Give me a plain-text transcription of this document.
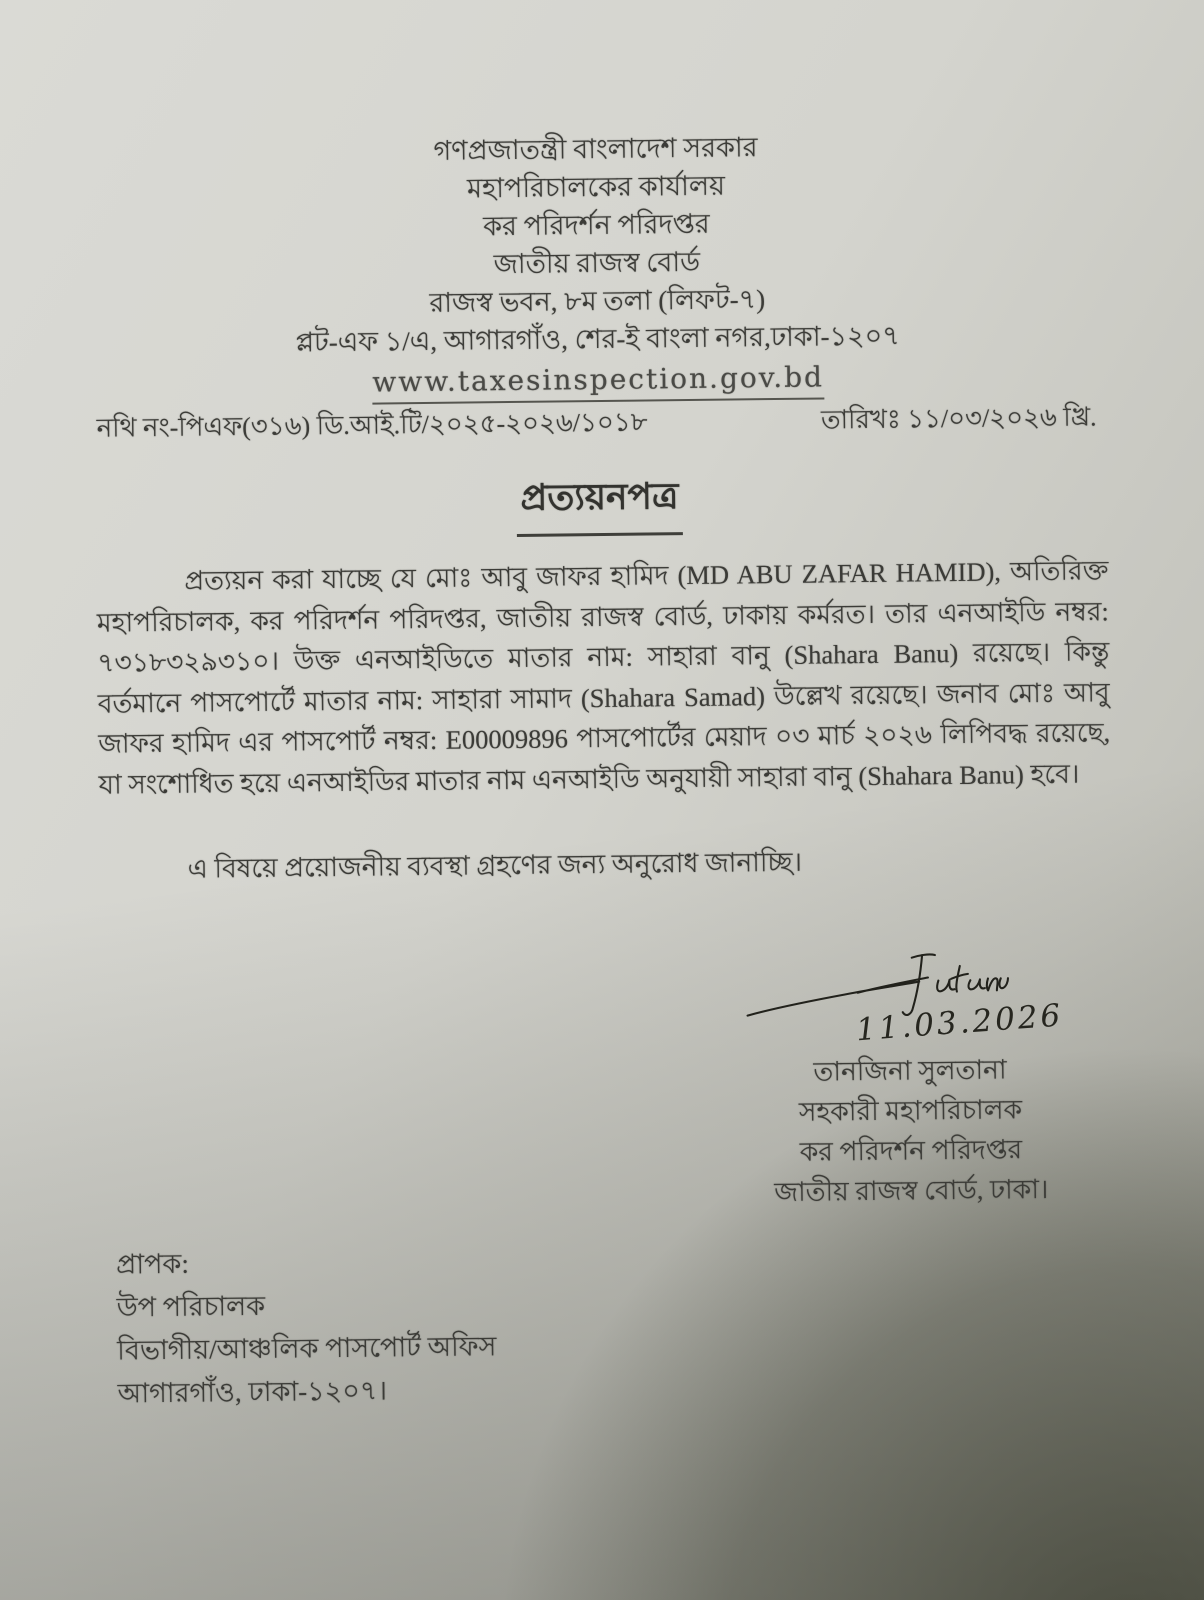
গণপ্রজাতন্ত্রী বাংলাদেশ সরকার
মহাপরিচালকের কার্যালয়
কর পরিদর্শন পরিদপ্তর
জাতীয় রাজস্ব বোর্ড
রাজস্ব ভবন, ৮ম তলা (লিফট-৭)
প্লট-এফ ১/এ, আগারগাঁও, শের-ই বাংলা নগর,ঢাকা-১২০৭
www.taxesinspection.gov.bd
নথি নং-পিএফ(৩১৬) ডি.আই.টি/২০২৫-২০২৬/১০১৮	তারিখঃ ১১/০৩/২০২৬ খ্রি.
প্রত্যয়নপত্র

প্রত্যয়ন করা যাচ্ছে যে মোঃ আবু জাফর হামিদ (MD ABU ZAFAR HAMID), অতিরিক্ত মহাপরিচালক, কর পরিদর্শন পরিদপ্তর, জাতীয় রাজস্ব বোর্ড, ঢাকায় কর্মরত। তার এনআইডি নম্বর: ৭৩১৮৩২৯৩১০। উক্ত এনআইডিতে মাতার নাম: সাহারা বানু (Shahara Banu) রয়েছে। কিন্তু বর্তমানে পাসপোর্টে মাতার নাম: সাহারা সামাদ (Shahara Samad) উল্লেখ রয়েছে। জনাব মোঃ আবু জাফর হামিদ এর পাসপোর্ট নম্বর: E00009896 পাসপোর্টের মেয়াদ ০৩ মার্চ ২০২৬ লিপিবদ্ধ রয়েছে, যা সংশোধিত হয়ে এনআইডির মাতার নাম এনআইডি অনুযায়ী সাহারা বানু (Shahara Banu) হবে।

এ বিষয়ে প্রয়োজনীয় ব্যবস্থা গ্রহণের জন্য অনুরোধ জানাচ্ছি।

11.03.2026
তানজিনা সুলতানা
সহকারী মহাপরিচালক
কর পরিদর্শন পরিদপ্তর
জাতীয় রাজস্ব বোর্ড, ঢাকা।
প্রাপক:
উপ পরিচালক
বিভাগীয়/আঞ্চলিক পাসপোর্ট অফিস
আগারগাঁও, ঢাকা-১২০৭।
